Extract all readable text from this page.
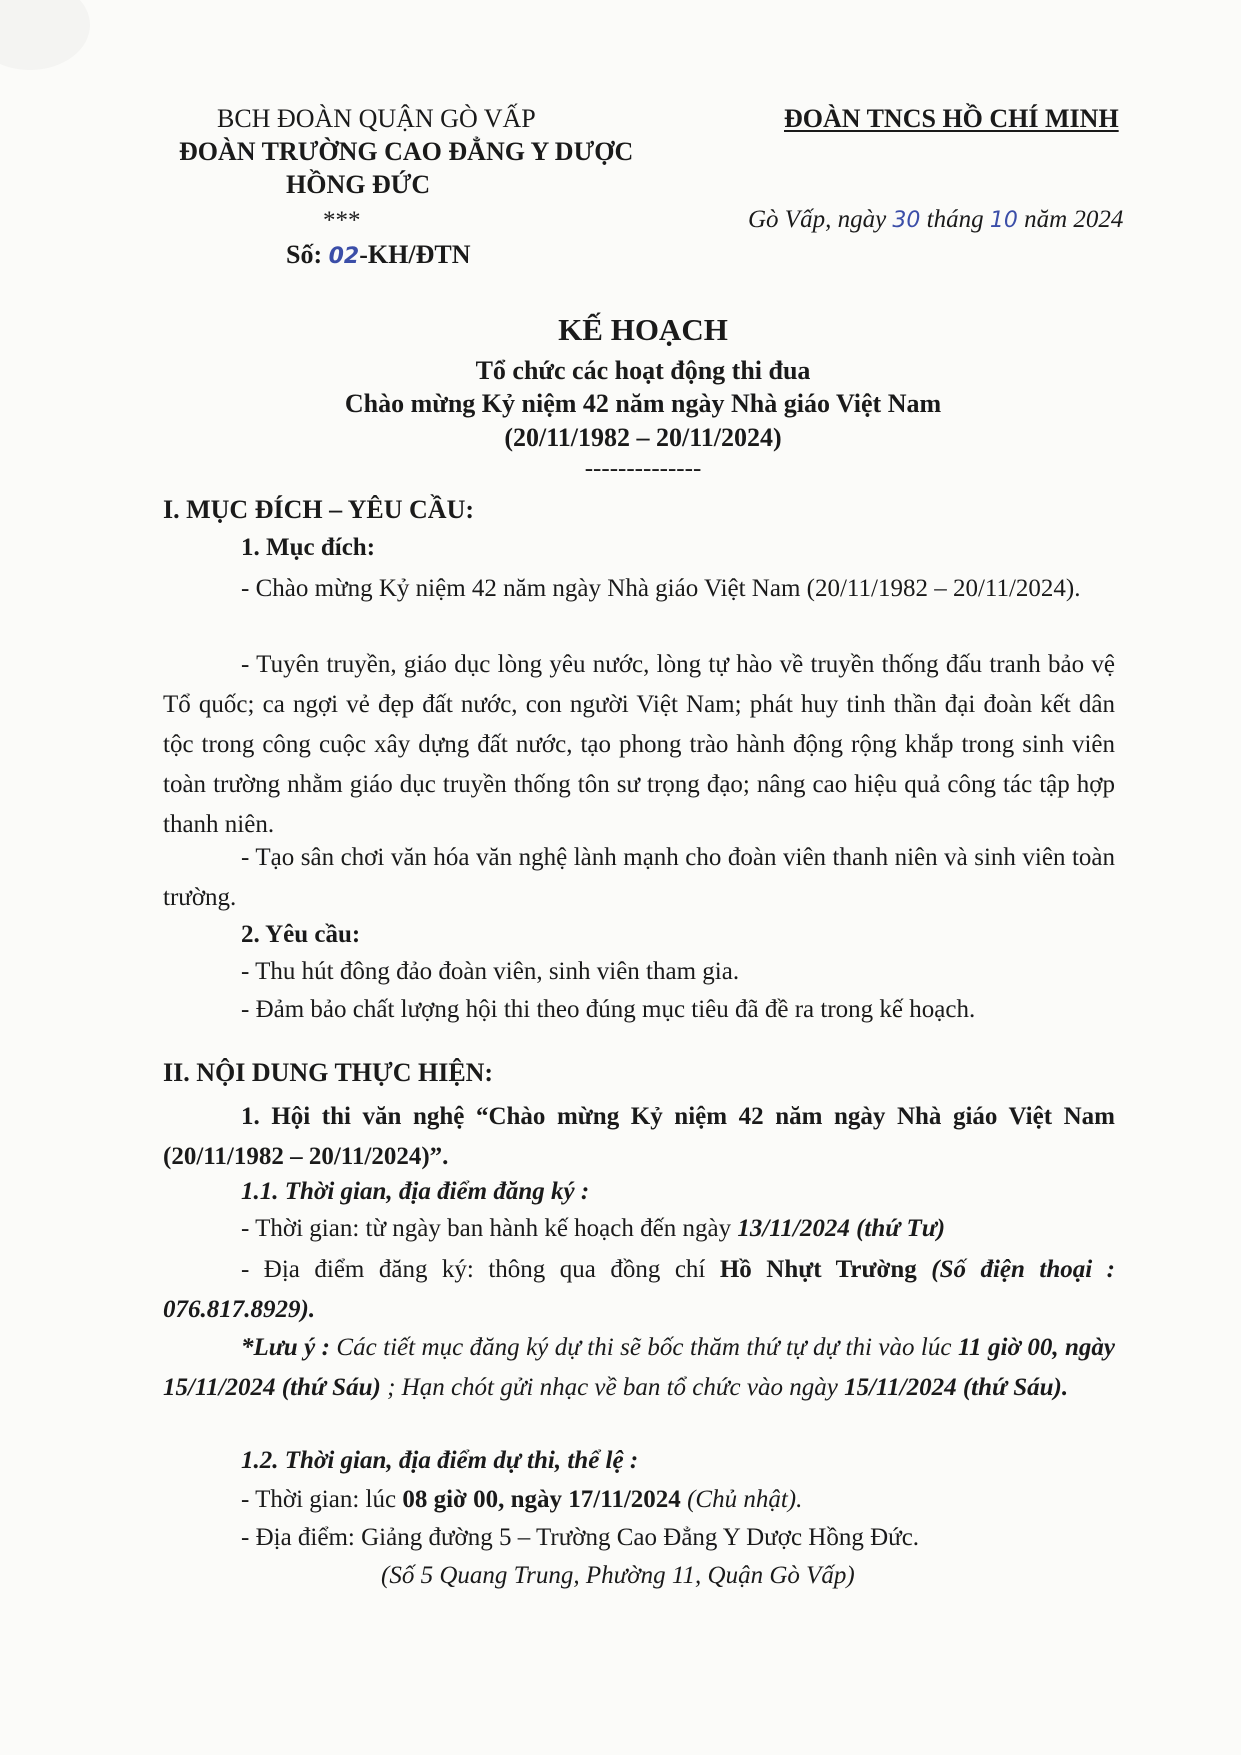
BCH ĐOÀN QUẬN GÒ VẤP
ĐOÀN TRƯỜNG CAO ĐẲNG Y DƯỢC
HỒNG ĐỨC
***
Số: 02-KH/ĐTN
ĐOÀN TNCS HỒ CHÍ MINH
Gò Vấp, ngày 30 tháng 10 năm 2024
KẾ HOẠCH
Tổ chức các hoạt động thi đua
Chào mừng Kỷ niệm 42 năm ngày Nhà giáo Việt Nam
(20/11/1982 – 20/11/2024)
--------------
I. MỤC ĐÍCH – YÊU CẦU:
1. Mục đích:
- Chào mừng Kỷ niệm 42 năm ngày Nhà giáo Việt Nam (20/11/1982 – 20/11/2024).
- Tuyên truyền, giáo dục lòng yêu nước, lòng tự hào về truyền thống đấu tranh bảo vệ Tổ quốc; ca ngợi vẻ đẹp đất nước, con người Việt Nam; phát huy tinh thần đại đoàn kết dân tộc trong công cuộc xây dựng đất nước, tạo phong trào hành động rộng khắp trong sinh viên toàn trường nhằm giáo dục truyền thống tôn sư trọng đạo; nâng cao hiệu quả công tác tập hợp thanh niên.
- Tạo sân chơi văn hóa văn nghệ lành mạnh cho đoàn viên thanh niên và sinh viên toàn trường.
2. Yêu cầu:
- Thu hút đông đảo đoàn viên, sinh viên tham gia.
- Đảm bảo chất lượng hội thi theo đúng mục tiêu đã đề ra trong kế hoạch.
II. NỘI DUNG THỰC HIỆN:
1. Hội thi văn nghệ “Chào mừng Kỷ niệm 42 năm ngày Nhà giáo Việt Nam (20/11/1982 – 20/11/2024)”.
1.1. Thời gian, địa điểm đăng ký :
- Thời gian: từ ngày ban hành kế hoạch đến ngày 13/11/2024 (thứ Tư)
- Địa điểm đăng ký: thông qua đồng chí Hồ Nhựt Trường (Số điện thoại : 076.817.8929).
*Lưu ý : Các tiết mục đăng ký dự thi sẽ bốc thăm thứ tự dự thi vào lúc 11 giờ 00, ngày 15/11/2024 (thứ Sáu) ; Hạn chót gửi nhạc về ban tổ chức vào ngày 15/11/2024 (thứ Sáu).
1.2. Thời gian, địa điểm dự thi, thể lệ :
- Thời gian: lúc 08 giờ 00, ngày 17/11/2024 (Chủ nhật).
- Địa điểm: Giảng đường 5 – Trường Cao Đẳng Y Dược Hồng Đức.
(Số 5 Quang Trung, Phường 11, Quận Gò Vấp)
